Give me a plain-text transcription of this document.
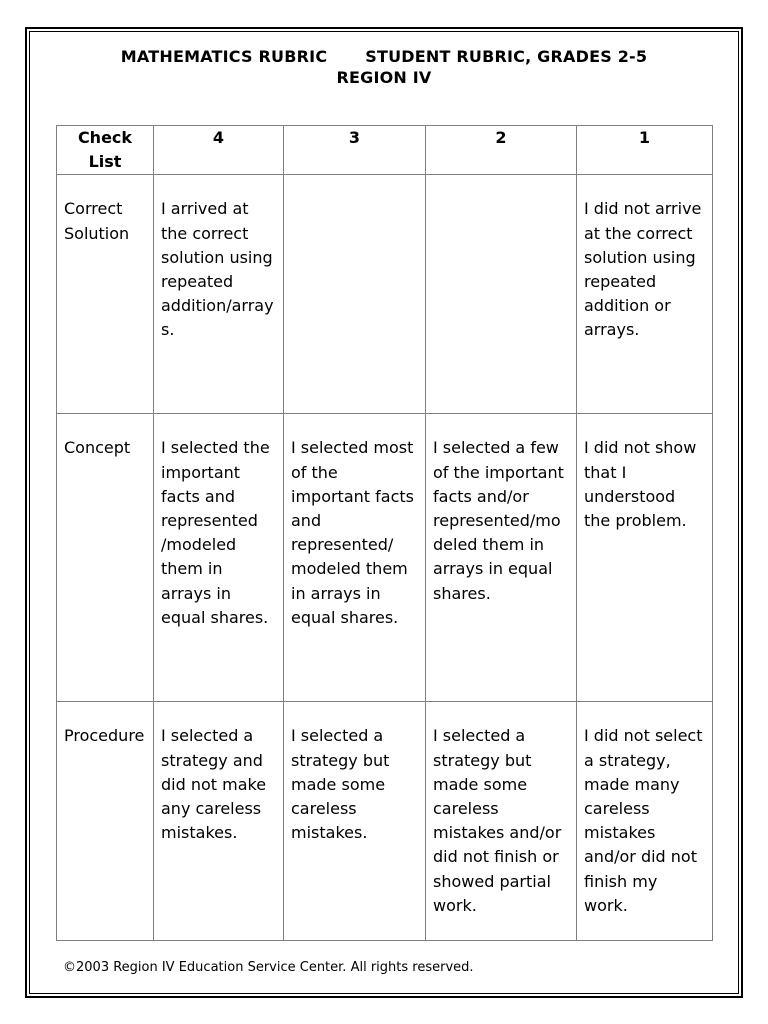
MATHEMATICS RUBRIC STUDENT RUBRIC, GRADES 2-5
REGION IV
Check List	4	3	2	1
Correct Solution	I arrived at the correct solution using repeated addition/arrays.			I did not arrive at the correct solution using repeated addition or arrays.
Concept	I selected the important facts and represented /modeled them in arrays in equal shares.	I selected most of the important facts and represented/ modeled them in arrays in equal shares.	I selected a few of the important facts and/or represented/modeled them in arrays in equal shares.	I did not show that I understood the problem.
Procedure	I selected a strategy and did not make any careless mistakes.	I selected a strategy but made some careless mistakes.	I selected a strategy but made some careless mistakes and/or did not finish or showed partial work.	I did not select a strategy, made many careless mistakes and/or did not finish my work.
©2003 Region IV Education Service Center. All rights reserved.
